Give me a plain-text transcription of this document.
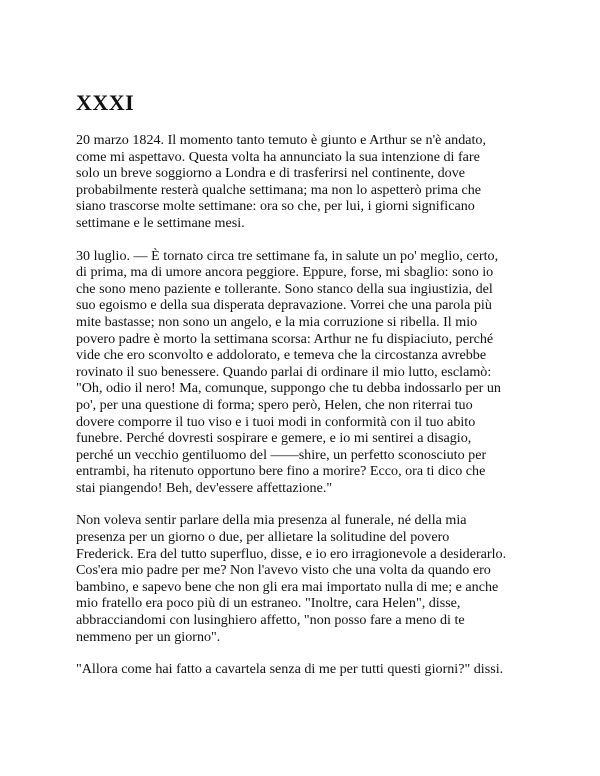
XXXI

20 marzo 1824. Il momento tanto temuto è giunto e Arthur se n'è andato,
come mi aspettavo. Questa volta ha annunciato la sua intenzione di fare
solo un breve soggiorno a Londra e di trasferirsi nel continente, dove
probabilmente resterà qualche settimana; ma non lo aspetterò prima che
siano trascorse molte settimane: ora so che, per lui, i giorni significano
settimane e le settimane mesi.

30 luglio. — È tornato circa tre settimane fa, in salute un po' meglio, certo,
di prima, ma di umore ancora peggiore. Eppure, forse, mi sbaglio: sono io
che sono meno paziente e tollerante. Sono stanco della sua ingiustizia, del
suo egoismo e della sua disperata depravazione. Vorrei che una parola più
mite bastasse; non sono un angelo, e la mia corruzione si ribella. Il mio
povero padre è morto la settimana scorsa: Arthur ne fu dispiaciuto, perché
vide che ero sconvolto e addolorato, e temeva che la circostanza avrebbe
rovinato il suo benessere. Quando parlai di ordinare il mio lutto, esclamò:
"Oh, odio il nero! Ma, comunque, suppongo che tu debba indossarlo per un
po', per una questione di forma; spero però, Helen, che non riterrai tuo
dovere comporre il tuo viso e i tuoi modi in conformità con il tuo abito
funebre. Perché dovresti sospirare e gemere, e io mi sentirei a disagio,
perché un vecchio gentiluomo del ——shire, un perfetto sconosciuto per
entrambi, ha ritenuto opportuno bere fino a morire? Ecco, ora ti dico che
stai piangendo! Beh, dev'essere affettazione."

Non voleva sentir parlare della mia presenza al funerale, né della mia
presenza per un giorno o due, per allietare la solitudine del povero
Frederick. Era del tutto superfluo, disse, e io ero irragionevole a desiderarlo.
Cos'era mio padre per me? Non l'avevo visto che una volta da quando ero
bambino, e sapevo bene che non gli era mai importato nulla di me; e anche
mio fratello era poco più di un estraneo. "Inoltre, cara Helen", disse,
abbracciandomi con lusinghiero affetto, "non posso fare a meno di te
nemmeno per un giorno".

"Allora come hai fatto a cavartela senza di me per tutti questi giorni?" dissi.
